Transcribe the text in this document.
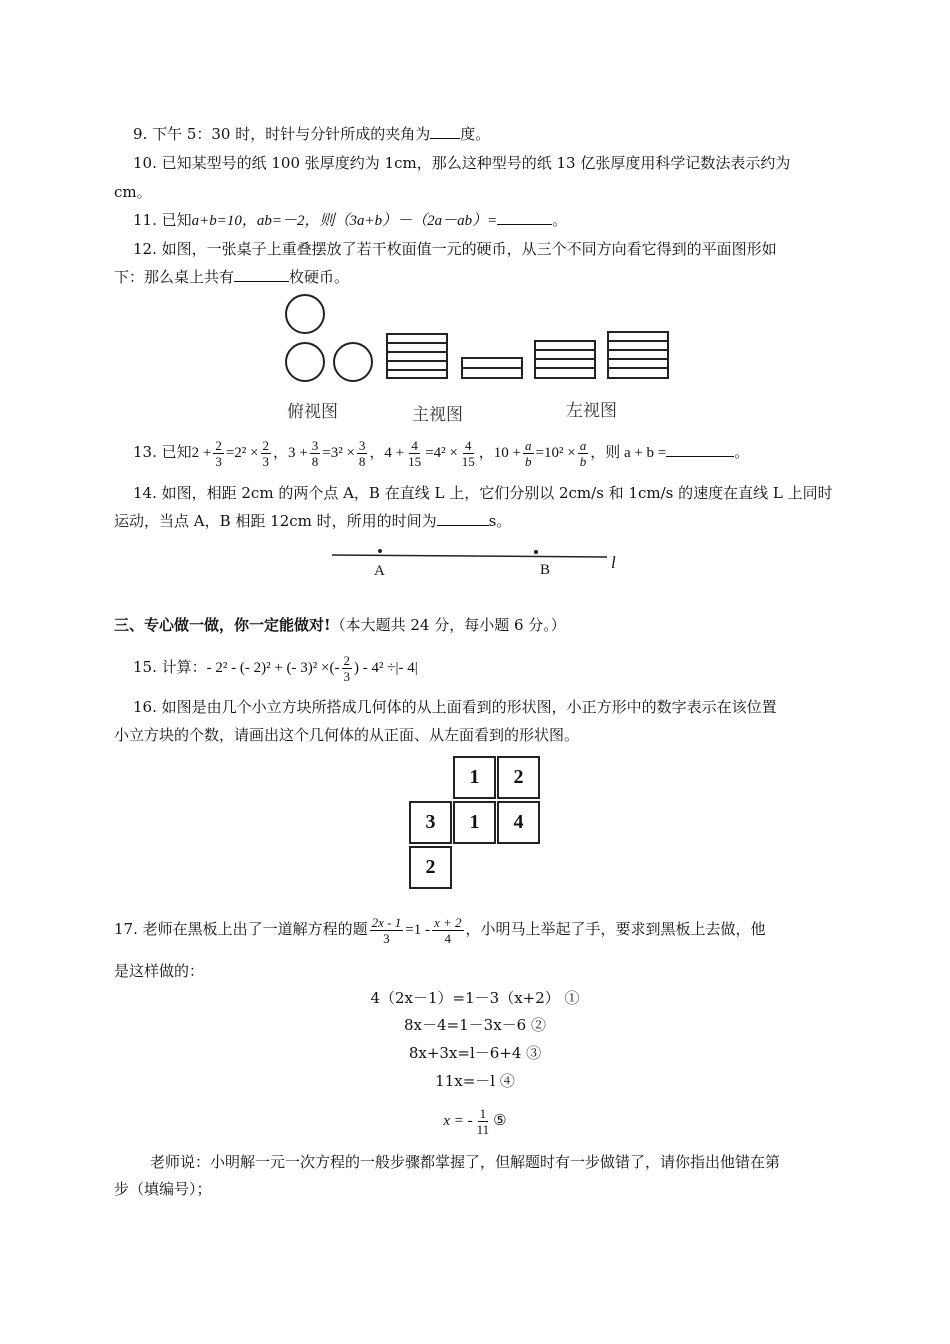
9. 下午 5：30 时，时针与分针所成的夹角为 度。
10. 已知某型号的纸 100 张厚度约为 1cm，那么这种型号的纸 13 亿张厚度用科学记数法表示约为
cm。
11. 已知a+b=10，ab=－2，则（3a+b）－（2a－ab）=	。
12. 如图，一张桌子上重叠摆放了若干枚面值一元的硬币，从三个不同方向看它得到的平面图形如
下：那么桌上共有	枚硬币。
俯视图	主视图	左视图
13. 已知$2 + \frac{2}{3} =2^2 \times \frac{2}{3}$ ，$3 + \frac{3}{8} =3^2 \times \frac{3}{8}$ ，$4 + \frac{4}{15} =4^2 \times \frac{4}{15}$ ，$10 + \frac{a}{b} =10^2 \times \frac{a}{b}$ ，则 a + b =	。
14. 如图，相距 2cm 的两个点 A，B 在直线 L 上，它们分别以 2cm/s 和 1cm/s 的速度在直线 L 上同时
运动，当点 A，B 相距 12cm 时，所用的时间为	s。
A	B	l
三、专心做一做，你一定能做对!（本大题共 24 分，每小题 6 分。）
15. 计算：- 2² - (- 2)² + (- 3)² ×(- $\frac{2}{3}$ ) - 4² ÷|- 4|
16. 如图是由几个小立方块所搭成几何体的从上面看到的形状图，小正方形中的数字表示在该位置
小立方块的个数，请画出这个几何体的从正面、从左面看到的形状图。
1	2
3	1	4
2
17. 老师在黑板上出了一道解方程的题 $\frac{2x - 1}{3} =1 - \frac{x + 2}{4}$ ，小明马上举起了手，要求到黑板上去做，他
是这样做的：
4（2x－1）=1－3（x+2） ①
8x－4=1－3x－6 ②
8x+3x=l－6+4 ③
11x=－l ④
x = - $\frac{1}{11}$ ⑤
老师说：小明解一元一次方程的一般步骤都掌握了，但解题时有一步做错了，请你指出他错在第
步（填编号）；
